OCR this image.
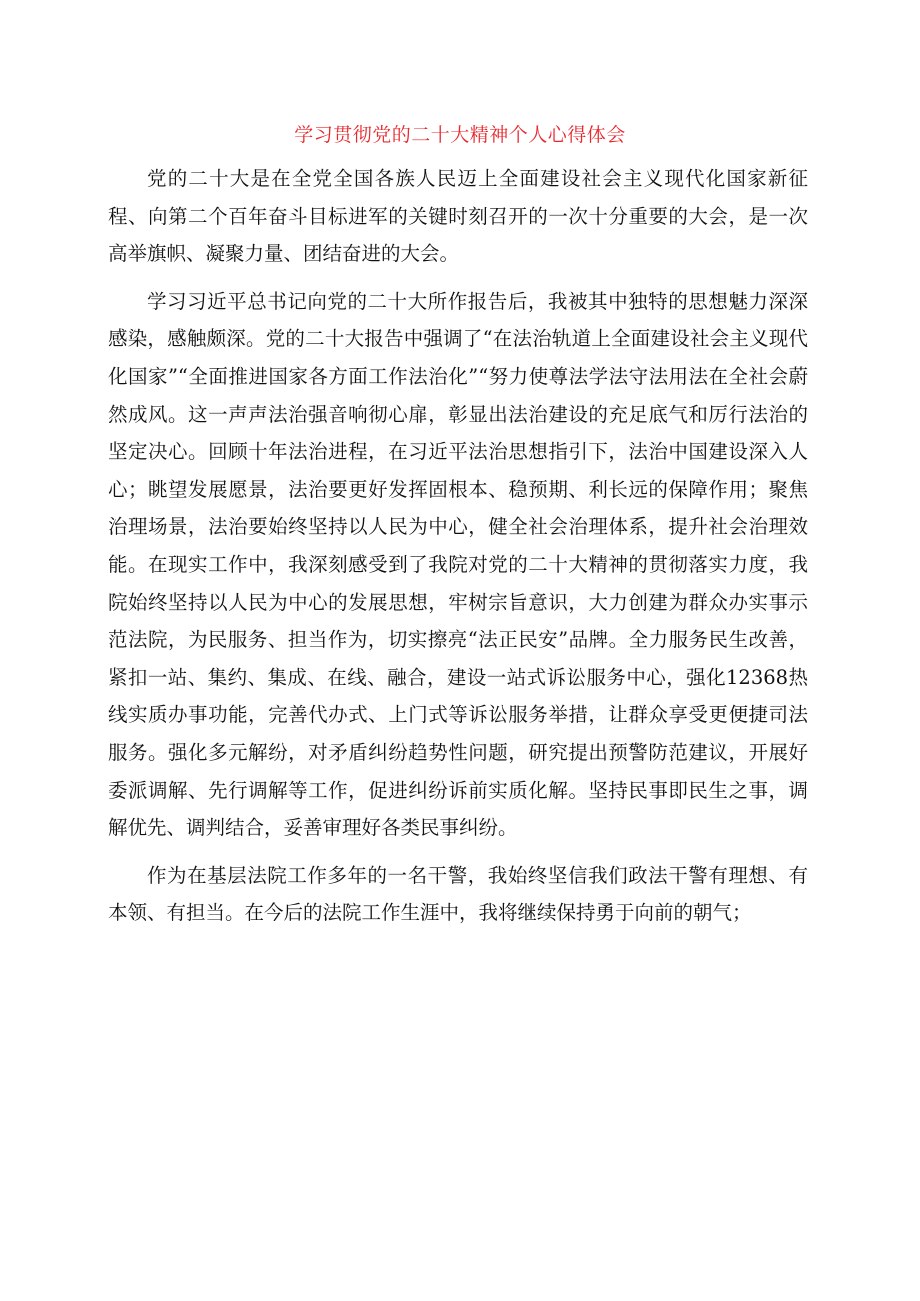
学习贯彻党的二十大精神个人心得体会

党的二十大是在全党全国各族人民迈上全面建设社会主义现代化国家新征程、向第二个百年奋斗目标进军的关键时刻召开的一次十分重要的大会，是一次高举旗帜、凝聚力量、团结奋进的大会。

学习习近平总书记向党的二十大所作报告后，我被其中独特的思想魅力深深感染，感触颇深。党的二十大报告中强调了“在法治轨道上全面建设社会主义现代化国家”“全面推进国家各方面工作法治化”“努力使尊法学法守法用法在全社会蔚然成风。这一声声法治强音响彻心扉，彰显出法治建设的充足底气和厉行法治的坚定决心。回顾十年法治进程，在习近平法治思想指引下，法治中国建设深入人心；眺望发展愿景，法治要更好发挥固根本、稳预期、利长远的保障作用；聚焦治理场景，法治要始终坚持以人民为中心，健全社会治理体系，提升社会治理效能。在现实工作中，我深刻感受到了我院对党的二十大精神的贯彻落实力度，我院始终坚持以人民为中心的发展思想，牢树宗旨意识，大力创建为群众办实事示范法院，为民服务、担当作为，切实擦亮“法正民安”品牌。全力服务民生改善，紧扣一站、集约、集成、在线、融合，建设一站式诉讼服务中心，强化12368热线实质办事功能，完善代办式、上门式等诉讼服务举措，让群众享受更便捷司法服务。强化多元解纷，对矛盾纠纷趋势性问题，研究提出预警防范建议，开展好委派调解、先行调解等工作，促进纠纷诉前实质化解。坚持民事即民生之事，调解优先、调判结合，妥善审理好各类民事纠纷。

作为在基层法院工作多年的一名干警，我始终坚信我们政法干警有理想、有本领、有担当。在今后的法院工作生涯中，我将继续保持勇于向前的朝气；
